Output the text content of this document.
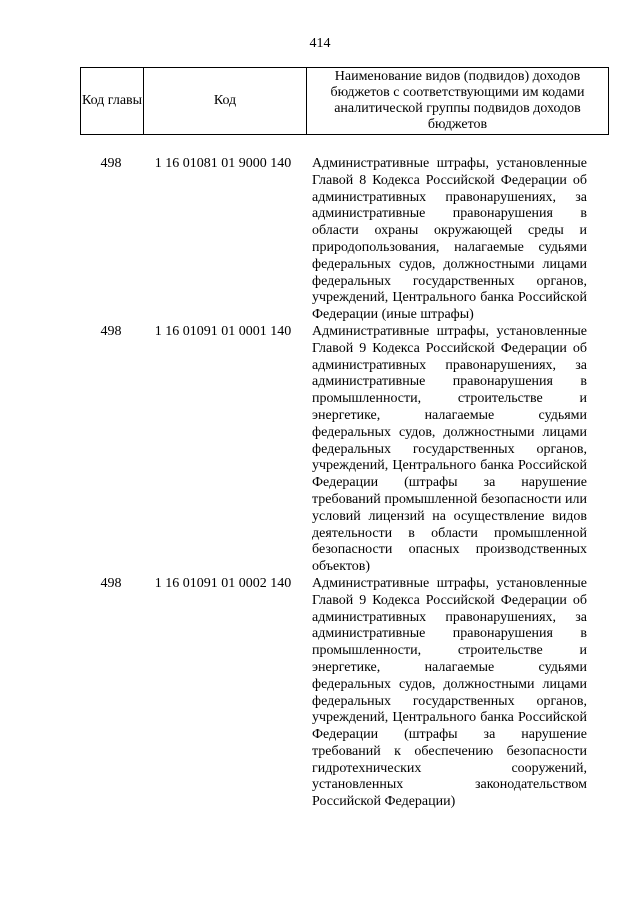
414
Код главы	Код	Наименование видов (подвидов) доходов бюджетов с соответствующими им кодами аналитической группы подвидов доходов бюджетов
498	1 16 01081 01 9000 140	Административные штрафы, установленные Главой 8 Кодекса Российской Федерации об административных правонарушениях, за административные правонарушения в области охраны окружающей среды и природопользования, налагаемые судьями федеральных судов, должностными лицами федеральных государственных органов, учреждений, Центрального банка Российской Федерации (иные штрафы)
498	1 16 01091 01 0001 140	Административные штрафы, установленные Главой 9 Кодекса Российской Федерации об административных правонарушениях, за административные правонарушения в промышленности, строительстве и энергетике, налагаемые судьями федеральных судов, должностными лицами федеральных государственных органов, учреждений, Центрального банка Российской Федерации (штрафы за нарушение требований промышленной безопасности или условий лицензий на осуществление видов деятельности в области промышленной безопасности опасных производственных объектов)
498	1 16 01091 01 0002 140	Административные штрафы, установленные Главой 9 Кодекса Российской Федерации об административных правонарушениях, за административные правонарушения в промышленности, строительстве и энергетике, налагаемые судьями федеральных судов, должностными лицами федеральных государственных органов, учреждений, Центрального банка Российской Федерации (штрафы за нарушение требований к обеспечению безопасности гидротехнических сооружений, установленных законодательством Российской Федерации)
